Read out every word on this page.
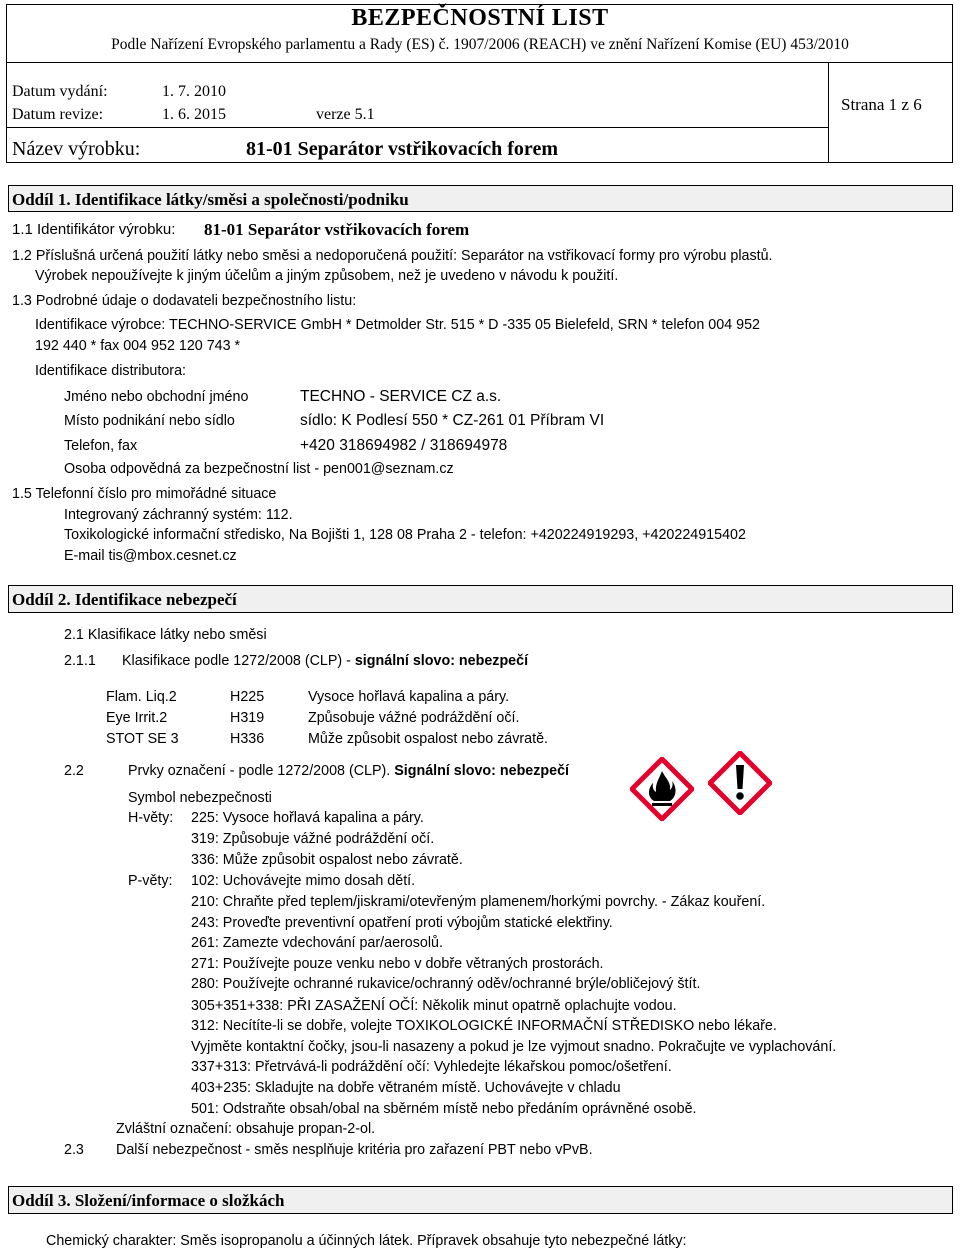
BEZPEČNOSTNÍ LIST
Podle Nařízení Evropského parlamentu a Rady (ES) č. 1907/2006 (REACH) ve znění Nařízení Komise (EU) 453/2010
Datum vydání:	1. 7. 2010
Datum revize:	1. 6. 2015	verze 5.1
Strana 1 z 6
Název výrobku:	81-01 Separátor vstřikovacích forem
Oddíl 1. Identifikace látky/směsi a společnosti/podniku
1.1 Identifikátor výrobku: 81-01 Separátor vstřikovacích forem
1.2 Příslušná určená použití látky nebo směsi a nedoporučená použití: Separátor na vstřikovací formy pro výrobu plastů.
Výrobek nepoužívejte k jiným účelům a jiným způsobem, než je uvedeno v návodu k použití.
1.3 Podrobné údaje o dodavateli bezpečnostního listu:
Identifikace výrobce: TECHNO-SERVICE GmbH * Detmolder Str. 515 * D -335 05 Bielefeld, SRN * telefon 004 952
192 440 * fax 004 952 120 743 *
Identifikace distributora:
Jméno nebo obchodní jméno	TECHNO - SERVICE CZ a.s.
Místo podnikání nebo sídlo	sídlo: K Podlesí 550 * CZ-261 01 Příbram VI
Telefon, fax	+420 318694982 / 318694978
Osoba odpovědná za bezpečnostní list - pen001@seznam.cz
1.5 Telefonní číslo pro mimořádné situace
Integrovaný záchranný systém: 112.
Toxikologické informační středisko, Na Bojišti 1, 128 08 Praha 2 - telefon: +420224919293, +420224915402
E-mail tis@mbox.cesnet.cz
Oddíl 2. Identifikace nebezpečí
2.1 Klasifikace látky nebo směsi
2.1.1 Klasifikace podle 1272/2008 (CLP) - signální slovo: nebezpečí
Flam. Liq.2	H225	Vysoce hořlavá kapalina a páry.
Eye Irrit.2	H319	Způsobuje vážné podráždění očí.
STOT SE 3	H336	Může způsobit ospalost nebo závratě.
2.2	Prvky označení - podle 1272/2008 (CLP). Signální slovo: nebezpečí
Symbol nebezpečnosti
H-věty: 225: Vysoce hořlavá kapalina a páry.
319: Způsobuje vážné podráždění očí.
336: Může způsobit ospalost nebo závratě.
P-věty: 102: Uchovávejte mimo dosah dětí.
210: Chraňte před teplem/jiskrami/otevřeným plamenem/horkými povrchy. - Zákaz kouření.
243: Proveďte preventivní opatření proti výbojům statické elektřiny.
261: Zamezte vdechování par/aerosolů.
271: Používejte pouze venku nebo v dobře větraných prostorách.
280: Používejte ochranné rukavice/ochranný oděv/ochranné brýle/obličejový štít.
305+351+338: PŘI ZASAŽENÍ OČÍ: Několik minut opatrně oplachujte vodou.
312: Necítíte-li se dobře, volejte TOXIKOLOGICKÉ INFORMAČNÍ STŘEDISKO nebo lékaře.
Vyjměte kontaktní čočky, jsou-li nasazeny a pokud je lze vyjmout snadno. Pokračujte ve vyplachování.
337+313: Přetrvává-li podráždění očí: Vyhledejte lékařskou pomoc/ošetření.
403+235: Skladujte na dobře větraném místě. Uchovávejte v chladu
501: Odstraňte obsah/obal na sběrném místě nebo předáním oprávněné osobě.
Zvláštní označení: obsahuje propan-2-ol.
2.3 Další nebezpečnost - směs nesplňuje kritéria pro zařazení PBT nebo vPvB.
Oddíl 3. Složení/informace o složkách
Chemický charakter: Směs isopropanolu a účinných látek. Přípravek obsahuje tyto nebezpečné látky:
